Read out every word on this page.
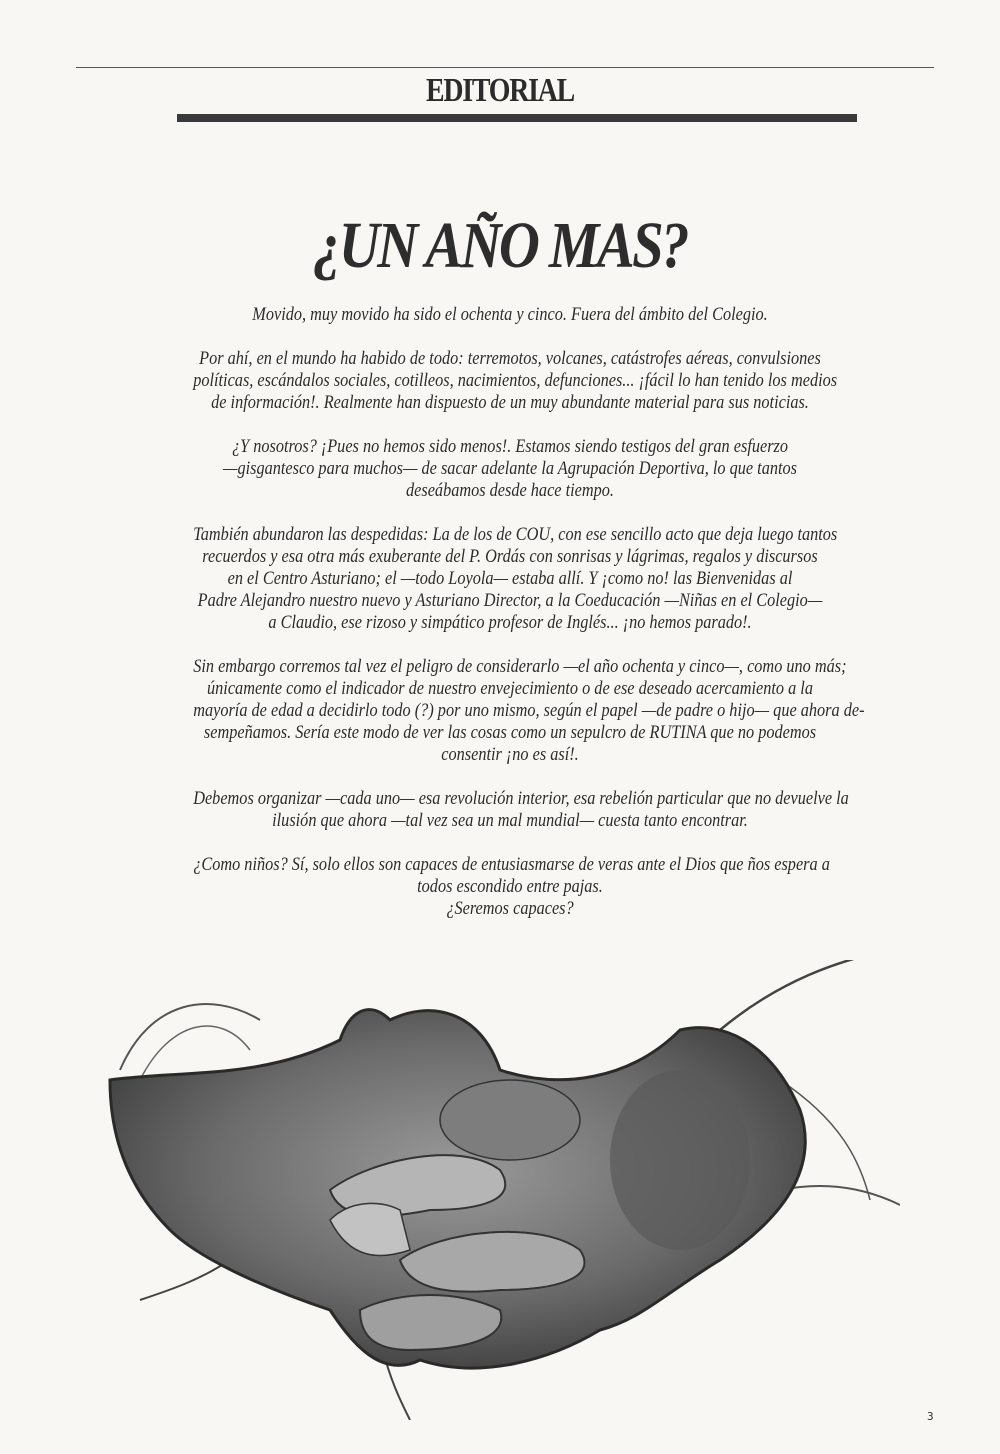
EDITORIAL
¿UN AÑO MAS?

Movido, muy movido ha sido el ochenta y cinco. Fuera del ámbito del Colegio.

Por ahí, en el mundo ha habido de todo: terremotos, volcanes, catástrofes aéreas, convulsiones
políticas, escándalos sociales, cotilleos, nacimientos, defunciones... ¡fácil lo han tenido los medios
de información!. Realmente han dispuesto de un muy abundante material para sus noticias.

¿Y nosotros? ¡Pues no hemos sido menos!. Estamos siendo testigos del gran esfuerzo
—gisgantesco para muchos— de sacar adelante la Agrupación Deportiva, lo que tantos
deseábamos desde hace tiempo.

También abundaron las despedidas: La de los de COU, con ese sencillo acto que deja luego tantos
recuerdos y esa otra más exuberante del P. Ordás con sonrisas y lágrimas, regalos y discursos
en el Centro Asturiano; el —todo Loyola— estaba allí. Y ¡como no! las Bienvenidas al
Padre Alejandro nuestro nuevo y Asturiano Director, a la Coeducación —Niñas en el Colegio—
a Claudio, ese rizoso y simpático profesor de Inglés... ¡no hemos parado!.

Sin embargo corremos tal vez el peligro de considerarlo —el año ochenta y cinco—, como uno más;
únicamente como el indicador de nuestro envejecimiento o de ese deseado acercamiento a la
mayoría de edad a decidirlo todo (?) por uno mismo, según el papel —de padre o hijo— que ahora de-
sempeñamos. Sería este modo de ver las cosas como un sepulcro de RUTINA que no podemos
consentir ¡no es así!.

Debemos organizar —cada uno— esa revolución interior, esa rebelión particular que no devuelve la
ilusión que ahora —tal vez sea un mal mundial— cuesta tanto encontrar.

¿Como niños? Sí, solo ellos son capaces de entusiasmarse de veras ante el Dios que ños espera a
todos escondido entre pajas.
¿Seremos capaces?

3
